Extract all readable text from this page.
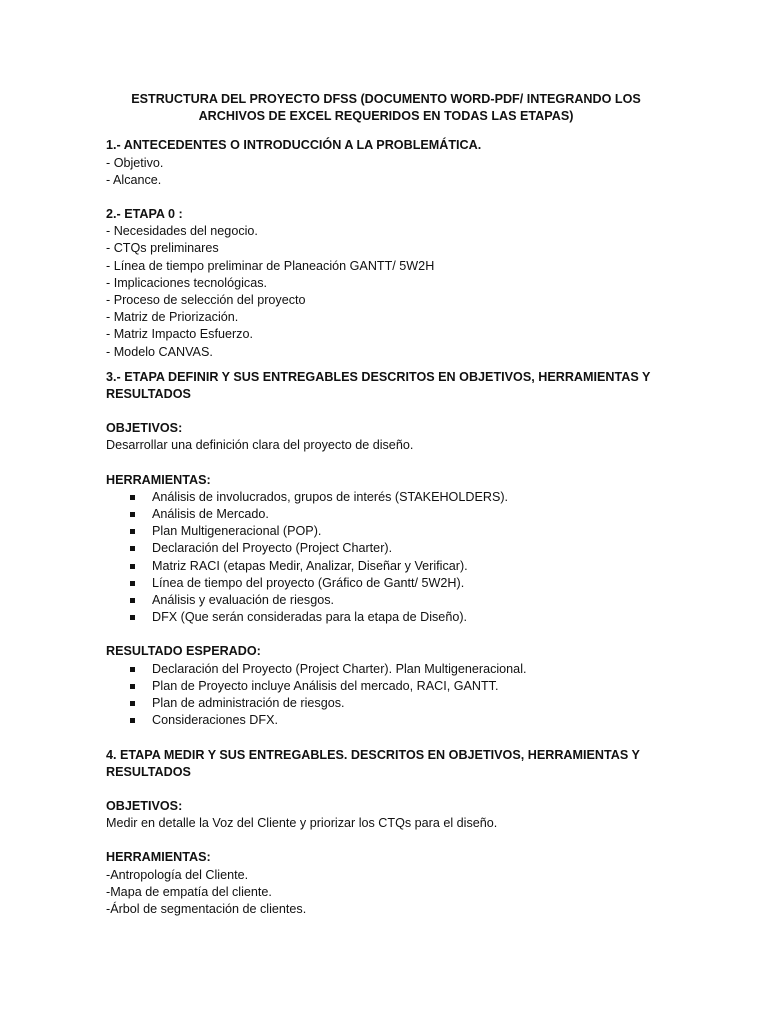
ESTRUCTURA DEL PROYECTO DFSS (DOCUMENTO WORD-PDF/ INTEGRANDO LOS ARCHIVOS DE EXCEL REQUERIDOS EN TODAS LAS ETAPAS)

1.- ANTECEDENTES O INTRODUCCIÓN A LA PROBLEMÁTICA.

- Objetivo.

- Alcance.

2.- ETAPA 0 :

- Necesidades del negocio.

- CTQs preliminares

- Línea de tiempo preliminar de Planeación GANTT/ 5W2H

- Implicaciones tecnológicas.

- Proceso de selección del proyecto

- Matriz de Priorización.

- Matriz Impacto Esfuerzo.

- Modelo CANVAS.

3.- ETAPA DEFINIR Y SUS ENTREGABLES DESCRITOS EN OBJETIVOS, HERRAMIENTAS Y RESULTADOS

OBJETIVOS:

Desarrollar una definición clara del proyecto de diseño.

HERRAMIENTAS:

Análisis de involucrados, grupos de interés (STAKEHOLDERS).
Análisis de Mercado.
Plan Multigeneracional (POP).
Declaración del Proyecto (Project Charter).
Matriz RACI (etapas Medir, Analizar, Diseñar y Verificar).
Línea de tiempo del proyecto (Gráfico de Gantt/ 5W2H).
Análisis y evaluación de riesgos.
DFX (Que serán consideradas para la etapa de Diseño).

RESULTADO ESPERADO:

Declaración del Proyecto (Project Charter). Plan Multigeneracional.
Plan de Proyecto incluye Análisis del mercado, RACI, GANTT.
Plan de administración de riesgos.
Consideraciones DFX.

4. ETAPA MEDIR Y SUS ENTREGABLES. DESCRITOS EN OBJETIVOS, HERRAMIENTAS Y RESULTADOS

OBJETIVOS:

Medir en detalle la Voz del Cliente y priorizar los CTQs para el diseño.

HERRAMIENTAS:

-Antropología del Cliente.

-Mapa de empatía del cliente.

-Árbol de segmentación de clientes.
